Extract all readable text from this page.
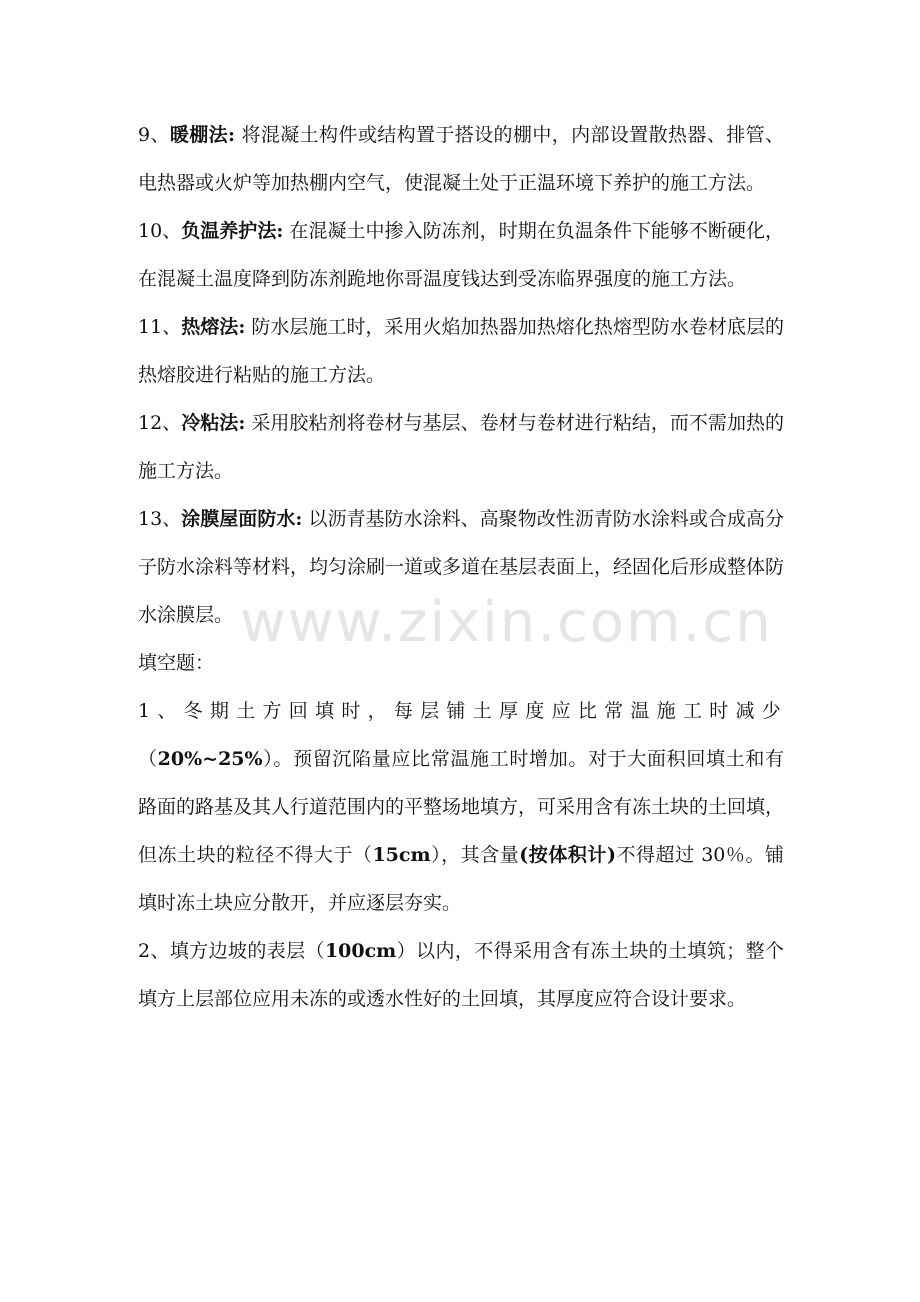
9、暖棚法: 将混凝土构件或结构置于搭设的棚中，内部设置散热器、排管、电热器或火炉等加热棚内空气，使混凝土处于正温环境下养护的施工方法。

10、负温养护法: 在混凝土中掺入防冻剂，时期在负温条件下能够不断硬化，在混凝土温度降到防冻剂跪地你哥温度钱达到受冻临界强度的施工方法。

11、热熔法: 防水层施工时，采用火焰加热器加热熔化热熔型防水卷材底层的热熔胶进行粘贴的施工方法。

12、冷粘法: 采用胶粘剂将卷材与基层、卷材与卷材进行粘结，而不需加热的施工方法。

13、涂膜屋面防水: 以沥青基防水涂料、高聚物改性沥青防水涂料或合成高分子防水涂料等材料，均匀涂刷一道或多道在基层表面上，经固化后形成整体防水涂膜层。

填空题：

1、冬期土方回填时，每层铺土厚度应比常温施工时减少（20%~25%）。预留沉陷量应比常温施工时增加。对于大面积回填土和有路面的路基及其人行道范围内的平整场地填方，可采用含有冻土块的土回填，但冻土块的粒径不得大于（15cm），其含量(按体积计)不得超过 30％。铺填时冻土块应分散开，并应逐层夯实。

2、填方边坡的表层（100cm）以内，不得采用含有冻土块的土填筑；整个填方上层部位应用未冻的或透水性好的土回填，其厚度应符合设计要求。

www.zixin.com.cn
